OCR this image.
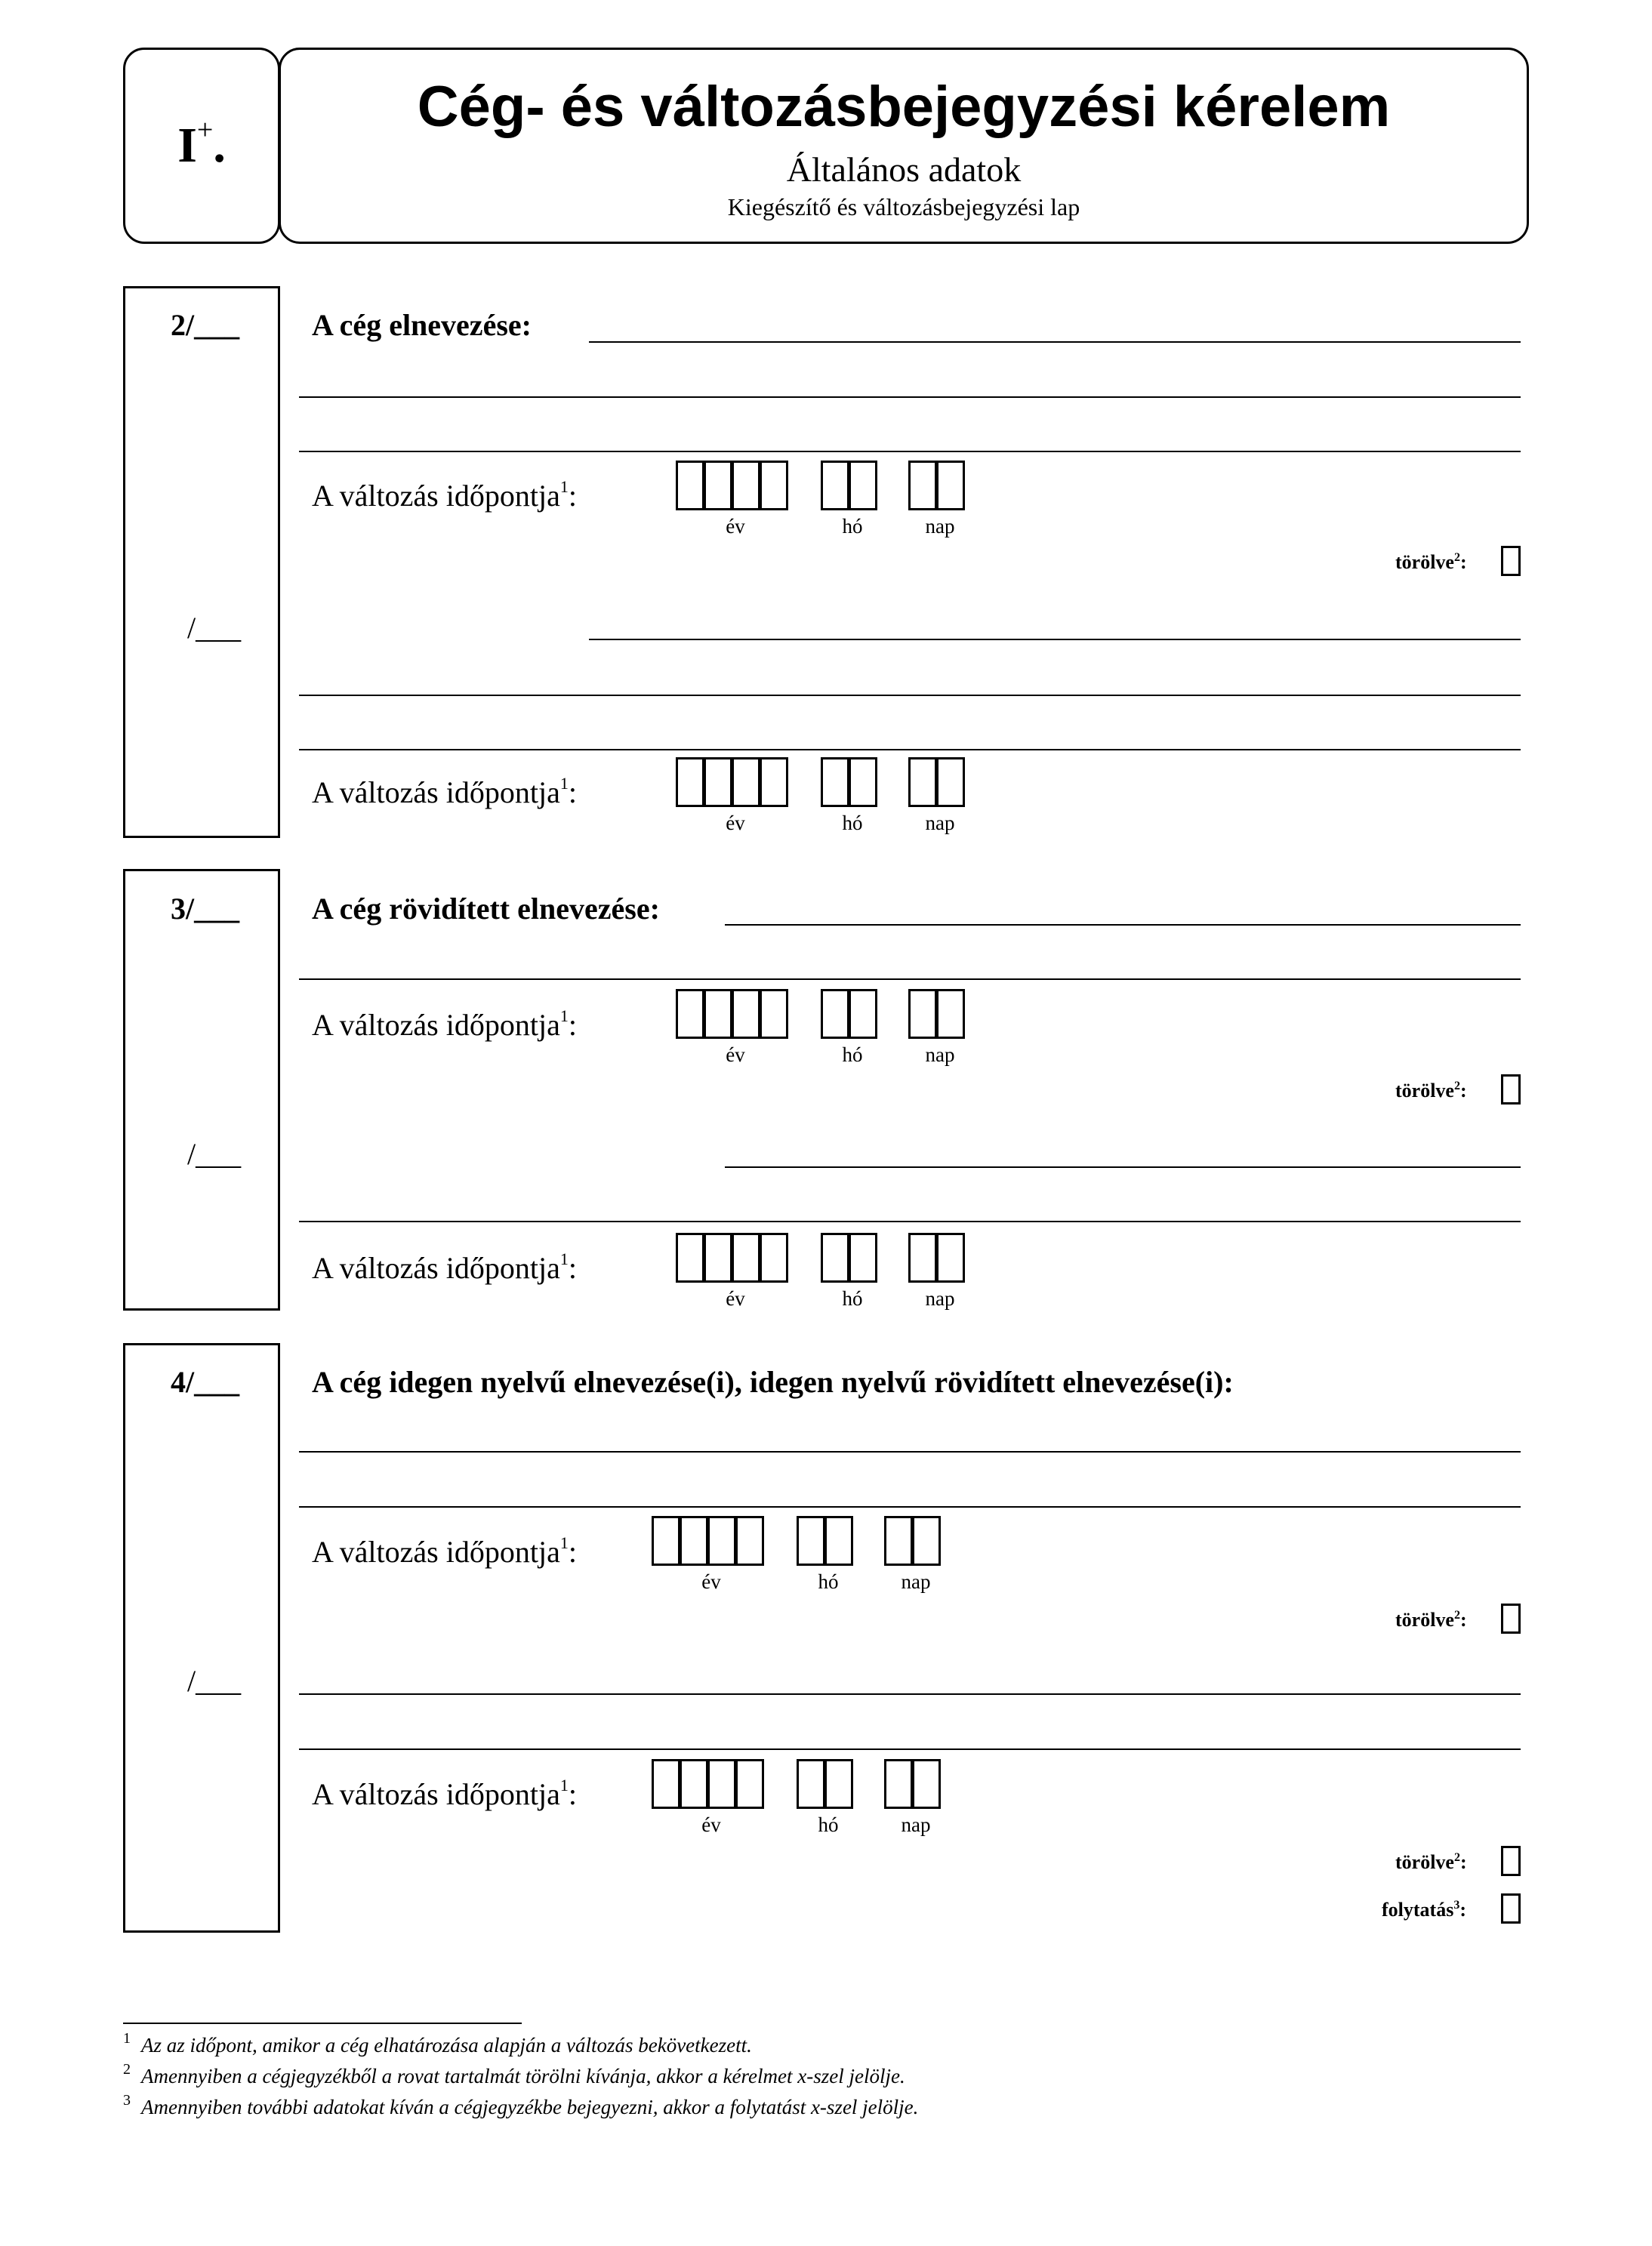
I+.
Cég- és változásbejegyzési kérelem
Általános adatok
Kiegészítő és változásbejegyzési lap
2/___
/___
A cég elnevezése:
3/___
/___
A cég rövidített elnevezése:
4/___
/___
A cég idegen nyelvű elnevezése(i), idegen nyelvű rövidített elnevezése(i):
A változás időpontja$^1$:
év	hó	nap
A változás időpontja$^1$:
év	hó	nap
A változás időpontja$^1$:
év	hó	nap
A változás időpontja$^1$:
év	hó	nap
A változás időpontja$^1$:
év	hó	nap
A változás időpontja$^1$:
év	hó	nap
törölve$^2$:
törölve$^2$:
törölve$^2$:
törölve$^2$:
folytatás$^3$:
1 Az az időpont, amikor a cég elhatározása alapján a változás bekövetkezett.
2 Amennyiben a cégjegyzékből a rovat tartalmát törölni kívánja, akkor a kérelmet x-szel jelölje.
3 Amennyiben további adatokat kíván a cégjegyzékbe bejegyezni, akkor a folytatást x-szel jelölje.
